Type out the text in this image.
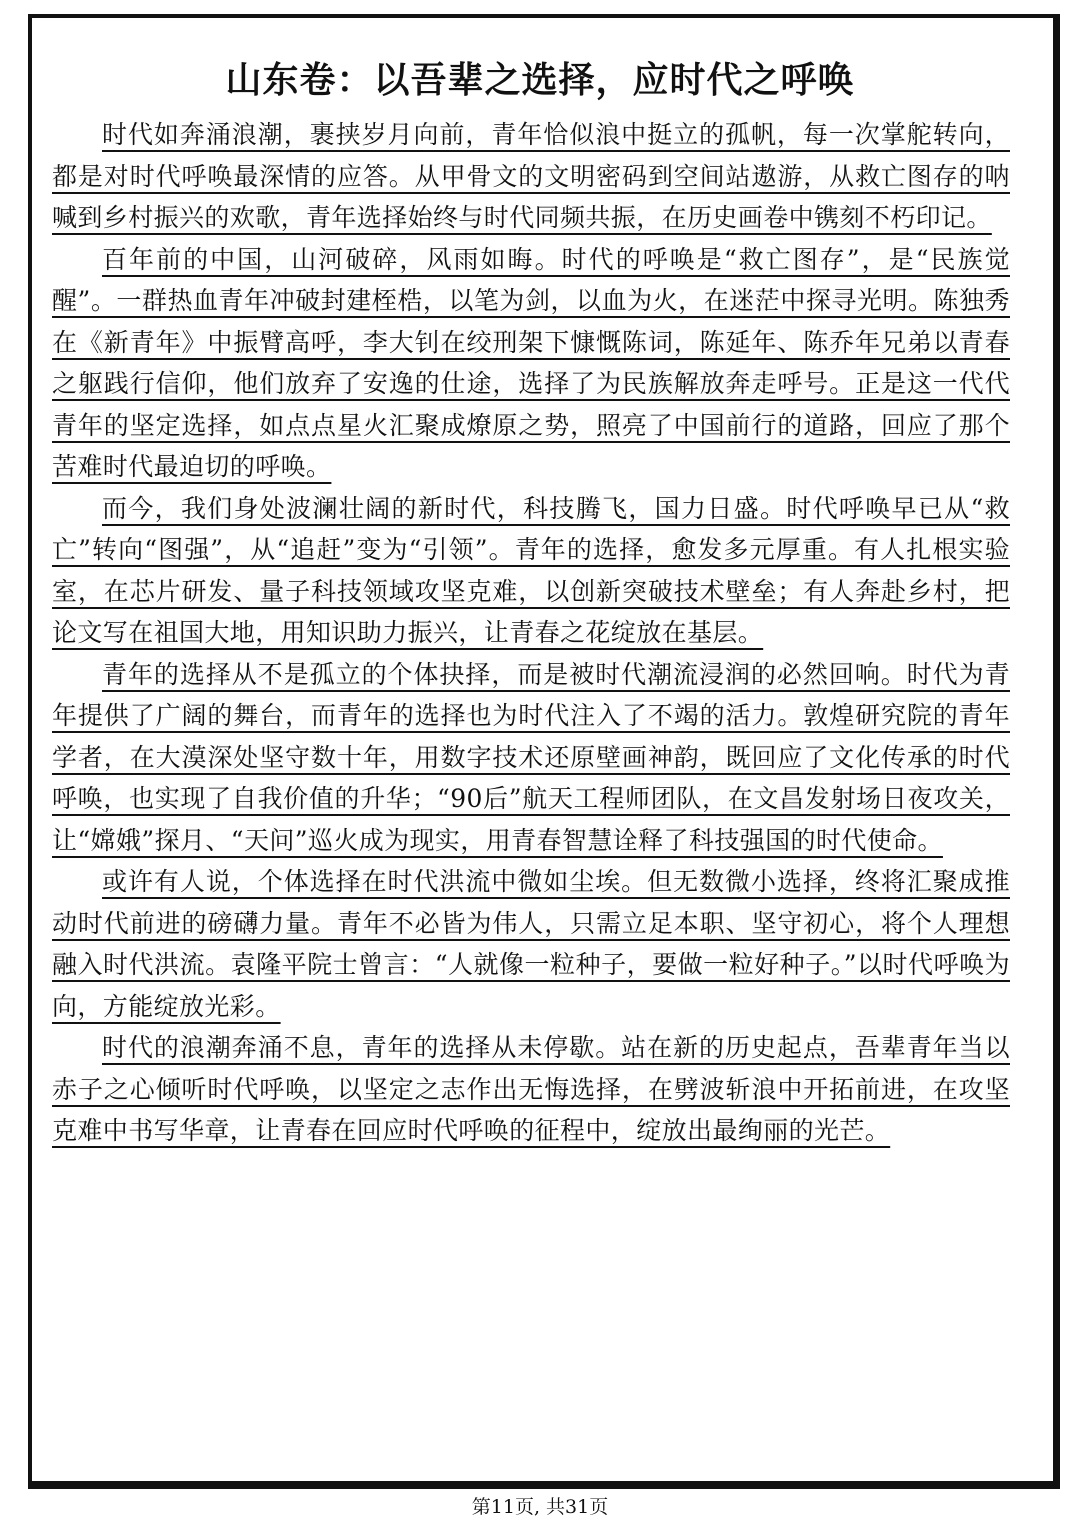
山东卷：以吾辈之选择，应时代之呼唤

时代如奔涌浪潮，裹挟岁月向前，青年恰似浪中挺立的孤帆，每一次掌舵转向，都是对时代呼唤最深情的应答。从甲骨文的文明密码到空间站遨游，从救亡图存的呐喊到乡村振兴的欢歌，青年选择始终与时代同频共振，在历史画卷中镌刻不朽印记。

百年前的中国，山河破碎，风雨如晦。时代的呼唤是“救亡图存”，是“民族觉醒”。一群热血青年冲破封建桎梏，以笔为剑，以血为火，在迷茫中探寻光明。陈独秀在《新青年》中振臂高呼，李大钊在绞刑架下慷慨陈词，陈延年、陈乔年兄弟以青春之躯践行信仰，他们放弃了安逸的仕途，选择了为民族解放奔走呼号。正是这一代代青年的坚定选择，如点点星火汇聚成燎原之势，照亮了中国前行的道路，回应了那个苦难时代最迫切的呼唤。

而今，我们身处波澜壮阔的新时代，科技腾飞，国力日盛。时代呼唤早已从“救亡”转向“图强”，从“追赶”变为“引领”。青年的选择，愈发多元厚重。有人扎根实验室，在芯片研发、量子科技领域攻坚克难，以创新突破技术壁垒；有人奔赴乡村，把论文写在祖国大地，用知识助力振兴，让青春之花绽放在基层。

青年的选择从不是孤立的个体抉择，而是被时代潮流浸润的必然回响。时代为青年提供了广阔的舞台，而青年的选择也为时代注入了不竭的活力。敦煌研究院的青年学者，在大漠深处坚守数十年，用数字技术还原壁画神韵，既回应了文化传承的时代呼唤，也实现了自我价值的升华；“90后”航天工程师团队，在文昌发射场日夜攻关，让“嫦娥”探月、“天问”巡火成为现实，用青春智慧诠释了科技强国的时代使命。

或许有人说，个体选择在时代洪流中微如尘埃。但无数微小选择，终将汇聚成推动时代前进的磅礴力量。青年不必皆为伟人，只需立足本职、坚守初心，将个人理想融入时代洪流。袁隆平院士曾言：“人就像一粒种子，要做一粒好种子。”以时代呼唤为向，方能绽放光彩。

时代的浪潮奔涌不息，青年的选择从未停歇。站在新的历史起点，吾辈青年当以赤子之心倾听时代呼唤，以坚定之志作出无悔选择，在劈波斩浪中开拓前进，在攻坚克难中书写华章，让青春在回应时代呼唤的征程中，绽放出最绚丽的光芒。

第11页, 共31页
